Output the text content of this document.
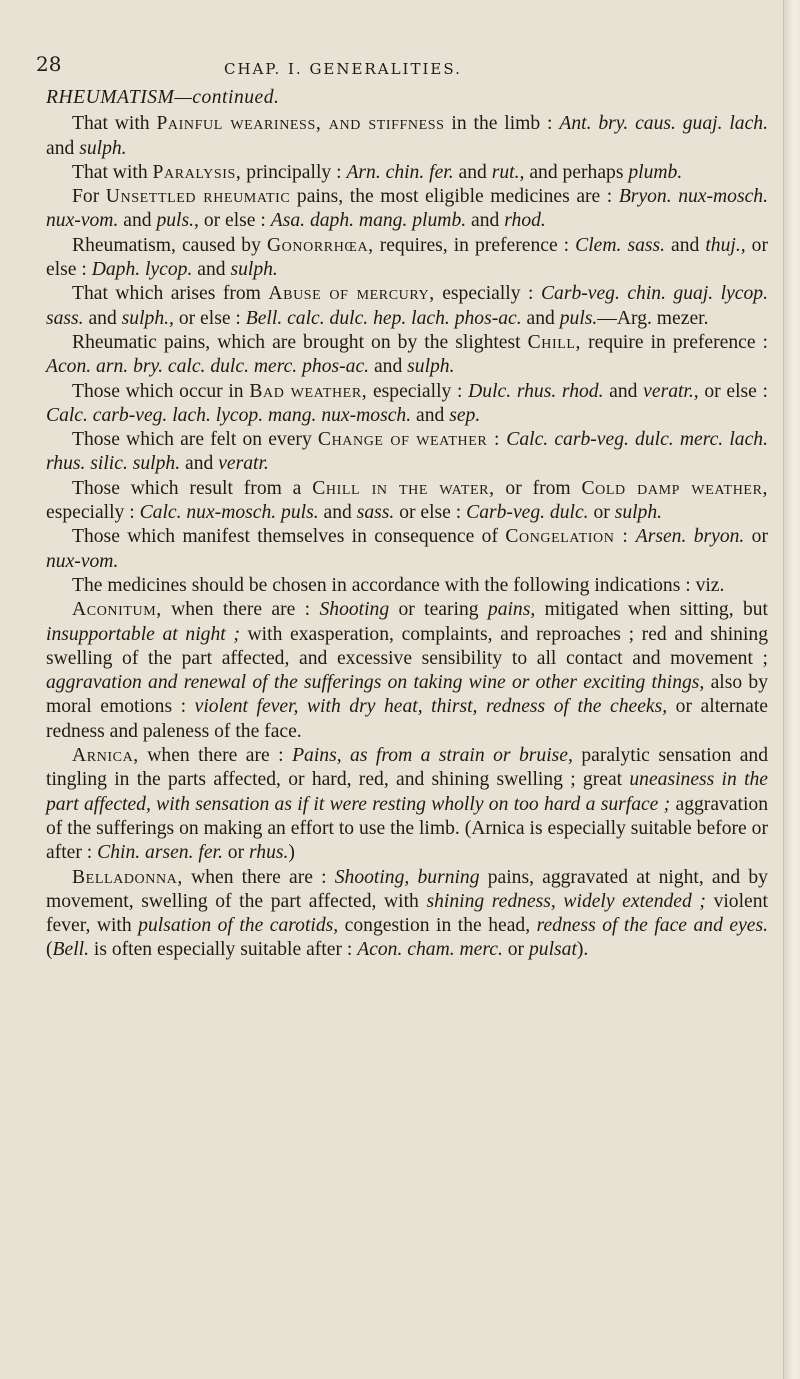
28	CHAP. I. GENERALITIES.
RHEUMATISM—continued.

That with Painful weariness, and stiffness in the limb : Ant. bry. caus. guaj. lach. and sulph.

That with Paralysis, principally : Arn. chin. fer. and rut., and perhaps plumb.

For Unsettled rheumatic pains, the most eligible medicines are : Bryon. nux-mosch. nux-vom. and puls., or else : Asa. daph. mang. plumb. and rhod.

Rheumatism, caused by Gonorrhœa, requires, in preference : Clem. sass. and thuj., or else : Daph. lycop. and sulph.

That which arises from Abuse of mercury, especially : Carb-veg. chin. guaj. lycop. sass. and sulph., or else : Bell. calc. dulc. hep. lach. phos-ac. and puls.—Arg. mezer.

Rheumatic pains, which are brought on by the slightest Chill, require in preference : Acon. arn. bry. calc. dulc. merc. phos-ac. and sulph.

Those which occur in Bad weather, especially : Dulc. rhus. rhod. and veratr., or else : Calc. carb-veg. lach. lycop. mang. nux-mosch. and sep.

Those which are felt on every Change of weather : Calc. carb-veg. dulc. merc. lach. rhus. silic. sulph. and veratr.

Those which result from a Chill in the water, or from Cold damp weather, especially : Calc. nux-mosch. puls. and sass. or else : Carb-veg. dulc. or sulph.

Those which manifest themselves in consequence of Congelation : Arsen. bryon. or nux-vom.

The medicines should be chosen in accordance with the following indications : viz.

Aconitum, when there are : Shooting or tearing pains, mitigated when sitting, but insupportable at night ; with exasperation, complaints, and reproaches ; red and shining swelling of the part affected, and excessive sensibility to all contact and movement ; aggravation and renewal of the sufferings on taking wine or other exciting things, also by moral emotions : violent fever, with dry heat, thirst, redness of the cheeks, or alternate redness and paleness of the face.

Arnica, when there are : Pains, as from a strain or bruise, paralytic sensation and tingling in the parts affected, or hard, red, and shining swelling ; great uneasiness in the part affected, with sensation as if it were resting wholly on too hard a surface ; aggravation of the sufferings on making an effort to use the limb. (Arnica is especially suitable before or after : Chin. arsen. fer. or rhus.)

Belladonna, when there are : Shooting, burning pains, aggravated at night, and by movement, swelling of the part affected, with shining redness, widely extended ; violent fever, with pulsation of the carotids, congestion in the head, redness of the face and eyes. (Bell. is often especially suitable after : Acon. cham. merc. or pulsat).
